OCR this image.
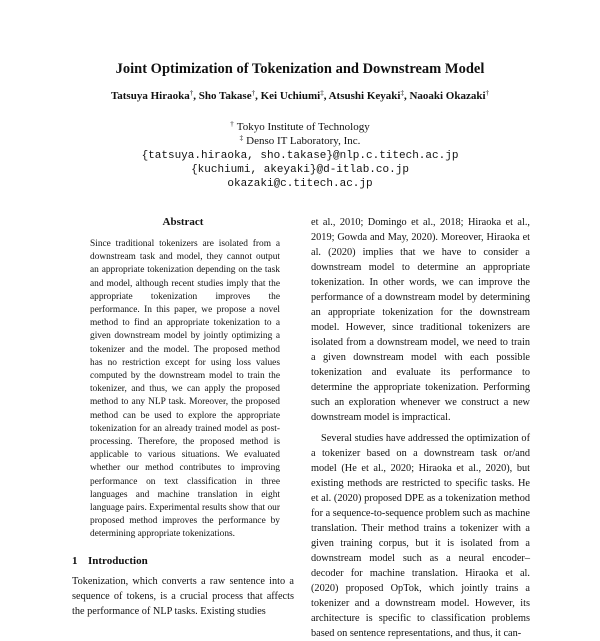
Joint Optimization of Tokenization and Downstream Model
Tatsuya Hiraoka†, Sho Takase†, Kei Uchiumi‡, Atsushi Keyaki‡, Naoaki Okazaki†
† Tokyo Institute of Technology
‡ Denso IT Laboratory, Inc.
{tatsuya.hiraoka, sho.takase}@nlp.c.titech.ac.jp
{kuchiumi, akeyaki}@d-itlab.co.jp
okazaki@c.titech.ac.jp
Abstract

Since traditional tokenizers are isolated from a downstream task and model, they cannot output an appropriate tokenization depending on the task and model, although recent studies imply that the appropriate tokenization improves the performance. In this paper, we propose a novel method to find an appropriate tokenization to a given downstream model by jointly optimizing a tokenizer and the model. The proposed method has no restriction except for using loss values computed by the downstream model to train the tokenizer, and thus, we can apply the proposed method to any NLP task. Moreover, the proposed method can be used to explore the appropriate tokenization for an already trained model as post-processing. Therefore, the proposed method is applicable to various situations. We evaluated whether our method contributes to improving performance on text classification in three languages and machine translation in eight language pairs. Experimental results show that our proposed method improves the performance by determining appropriate tokenizations.

1 Introduction

Tokenization, which converts a raw sentence into a sequence of tokens, is a crucial process that affects the performance of NLP tasks. Existing studies

et al., 2010; Domingo et al., 2018; Hiraoka et al., 2019; Gowda and May, 2020). Moreover, Hiraoka et al. (2020) implies that we have to consider a downstream model to determine an appropriate tokenization. In other words, we can improve the performance of a downstream model by determining an appropriate tokenization for the downstream model. However, since traditional tokenizers are isolated from a downstream model, we need to train a given downstream model with each possible tokenization and evaluate its performance to determine the appropriate tokenization. Performing such an exploration whenever we construct a new downstream model is impractical.

Several studies have addressed the optimization of a tokenizer based on a downstream task or/and model (He et al., 2020; Hiraoka et al., 2020), but existing methods are restricted to specific tasks. He et al. (2020) proposed DPE as a tokenization method for a sequence-to-sequence problem such as machine translation. Their method trains a tokenizer with a given training corpus, but it is isolated from a downstream model such as a neural encoder–decoder for machine translation. Hiraoka et al. (2020) proposed OpTok, which jointly trains a tokenizer and a downstream model. However, its architecture is specific to classification problems based on sentence representations, and thus, it can-
